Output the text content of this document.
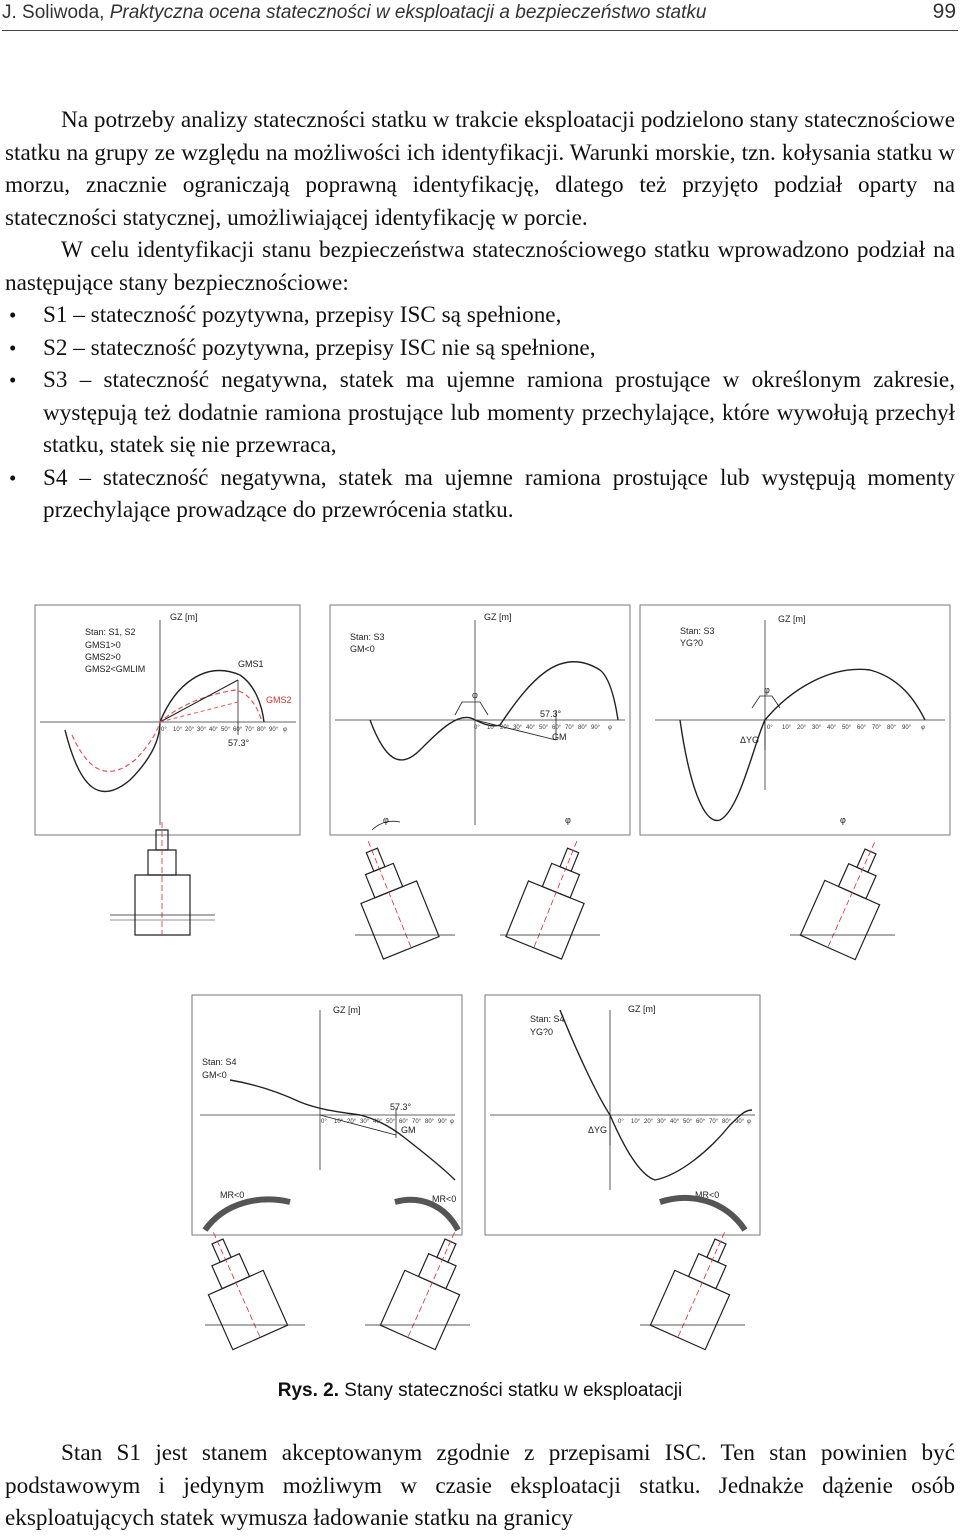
J. Soliwoda, Praktyczna ocena stateczności w eksploatacji a bezpieczeństwo statku	99

Na potrzeby analizy stateczności statku w trakcie eksploatacji podzielono stany statecznościowe statku na grupy ze względu na możliwości ich identyfikacji. Warunki morskie, tzn. kołysania statku w morzu, znacznie ograniczają poprawną identyfikację, dlatego też przyjęto podział oparty na stateczności statycznej, umożliwiającej identyfikację w porcie.

W celu identyfikacji stanu bezpieczeństwa statecznościowego statku wprowadzono podział na następujące stany bezpiecznościowe:

• S1 – stateczność pozytywna, przepisy ISC są spełnione,
• S2 – stateczność pozytywna, przepisy ISC nie są spełnione,
• S3 – stateczność negatywna, statek ma ujemne ramiona prostujące w określonym zakresie, występują też dodatnie ramiona prostujące lub momenty przechylające, które wywołują przechył statku, statek się nie przewraca,
• S4 – stateczność negatywna, statek ma ujemne ramiona prostujące lub występują momenty przechylające prowadzące do przewrócenia statku.
Stan: S1, S2
GMS1>0
GMS2>0
GMS2<GMLIM
GZ [m]
GMS1
GMS2
57.3°
0° 10° 20° 30° 40° 50° 60° 70° 80° 90° φ
Stan: S3
GM<0
GZ [m]
φ
57.3°
GM
0° 10° 20° 30° 40° 50° 60° 70° 80° 90° φ
φ	φ
Stan: S3
YG?0
GZ [m]
φ
ΔYG
0° 10° 20° 30° 40° 50° 60° 70° 80° 90° φ
φ
Stan: S4
GM<0
GZ [m]
57.3°
GM
0° 10° 20° 30° 40° 50° 60° 70° 80° 90° φ
MR<0	MR<0
Stan: S4
YG?0
GZ [m]
ΔYG
0° 10° 20° 30° 40° 50° 60° 70° 80° 90° φ
MR<0
Rys. 2. Stany stateczności statku w eksploatacji

Stan S1 jest stanem akceptowanym zgodnie z przepisami ISC. Ten stan powinien być podstawowym i jedynym możliwym w czasie eksploatacji statku. Jednakże dążenie osób eksploatujących statek wymusza ładowanie statku na granicy
